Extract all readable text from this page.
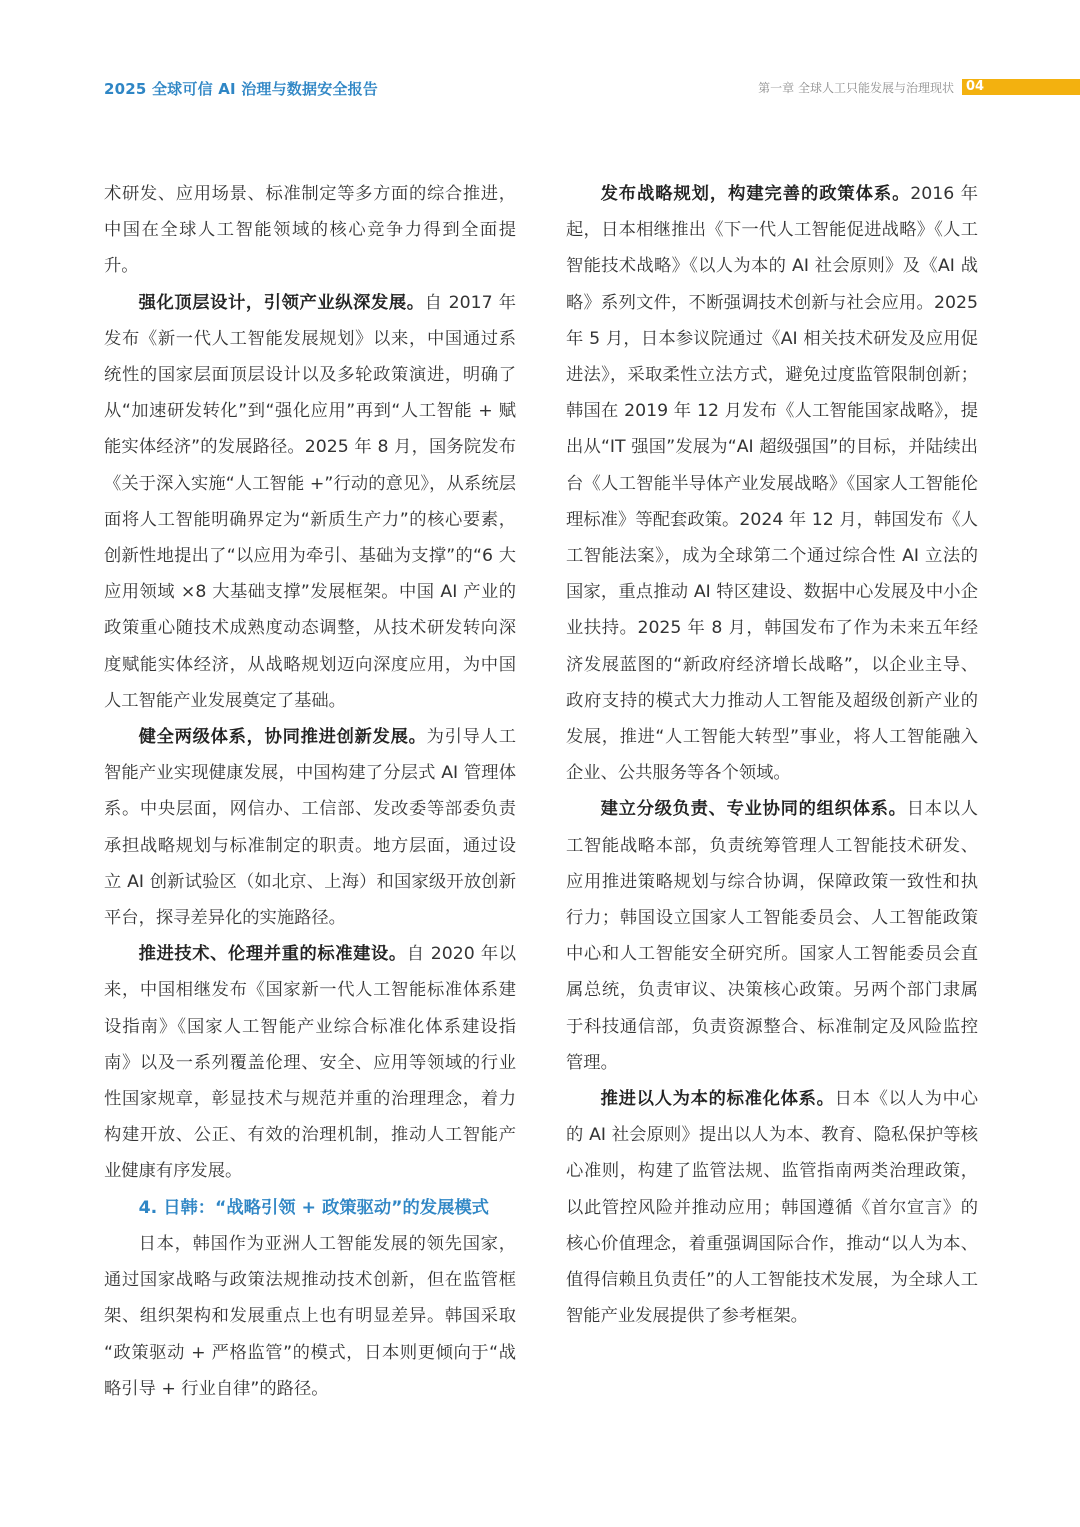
2025 全球可信 AI 治理与数据安全报告	第一章 全球人工只能发展与治理现状 04

术研发、应用场景、标准制定等多方面的综合推进，中国在全球人工智能领域的核心竞争力得到全面提升。

强化顶层设计，引领产业纵深发展。自 2017 年发布《新一代人工智能发展规划》以来，中国通过系统性的国家层面顶层设计以及多轮政策演进，明确了从“加速研发转化”到“强化应用”再到“人工智能 + 赋能实体经济”的发展路径。2025 年 8 月，国务院发布《关于深入实施“人工智能 +”行动的意见》，从系统层面将人工智能明确界定为“新质生产力”的核心要素，创新性地提出了“以应用为牵引、基础为支撑”的“6 大应用领域 ×8 大基础支撑”发展框架。中国 AI 产业的政策重心随技术成熟度动态调整，从技术研发转向深度赋能实体经济，从战略规划迈向深度应用，为中国人工智能产业发展奠定了基础。

健全两级体系，协同推进创新发展。为引导人工智能产业实现健康发展，中国构建了分层式 AI 管理体系。中央层面，网信办、工信部、发改委等部委负责承担战略规划与标准制定的职责。地方层面，通过设立 AI 创新试验区（如北京、上海）和国家级开放创新平台，探寻差异化的实施路径。

推进技术、伦理并重的标准建设。自 2020 年以来，中国相继发布《国家新一代人工智能标准体系建设指南》《国家人工智能产业综合标准化体系建设指南》以及一系列覆盖伦理、安全、应用等领域的行业性国家规章，彰显技术与规范并重的治理理念，着力构建开放、公正、有效的治理机制，推动人工智能产业健康有序发展。

4. 日韩：“战略引领 + 政策驱动”的发展模式

日本，韩国作为亚洲人工智能发展的领先国家，通过国家战略与政策法规推动技术创新，但在监管框架、组织架构和发展重点上也有明显差异。韩国采取 “政策驱动 + 严格监管”的模式，日本则更倾向于“战略引导 + 行业自律”的路径。

发布战略规划，构建完善的政策体系。2016 年起，日本相继推出《下一代人工智能促进战略》《人工智能技术战略》《以人为本的 AI 社会原则》及《AI 战略》系列文件，不断强调技术创新与社会应用。2025 年 5 月，日本参议院通过《AI 相关技术研发及应用促进法》，采取柔性立法方式，避免过度监管限制创新；韩国在 2019 年 12 月发布《人工智能国家战略》，提出从“IT 强国”发展为“AI 超级强国”的目标，并陆续出台《人工智能半导体产业发展战略》《国家人工智能伦理标准》等配套政策。2024 年 12 月，韩国发布《人工智能法案》，成为全球第二个通过综合性 AI 立法的国家，重点推动 AI 特区建设、数据中心发展及中小企业扶持。2025 年 8 月，韩国发布了作为未来五年经济发展蓝图的“新政府经济增长战略”，以企业主导、政府支持的模式大力推动人工智能及超级创新产业的发展，推进“人工智能大转型”事业，将人工智能融入企业、公共服务等各个领域。

建立分级负责、专业协同的组织体系。日本以人工智能战略本部，负责统筹管理人工智能技术研发、应用推进策略规划与综合协调，保障政策一致性和执行力；韩国设立国家人工智能委员会、人工智能政策中心和人工智能安全研究所。国家人工智能委员会直属总统，负责审议、决策核心政策。另两个部门隶属于科技通信部，负责资源整合、标准制定及风险监控管理。

推进以人为本的标准化体系。日本《以人为中心的 AI 社会原则》提出以人为本、教育、隐私保护等核心准则，构建了监管法规、监管指南两类治理政策，以此管控风险并推动应用；韩国遵循《首尔宣言》的核心价值理念，着重强调国际合作，推动“以人为本、值得信赖且负责任”的人工智能技术发展，为全球人工智能产业发展提供了参考框架。
